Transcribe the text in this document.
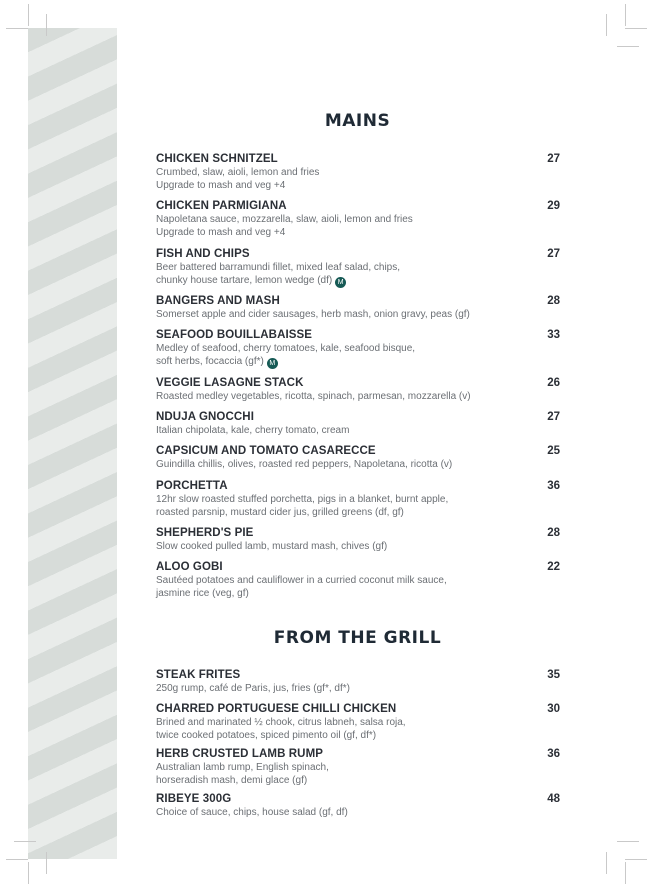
MAINS
CHICKEN SCHNITZEL	27
Crumbed, slaw, aioli, lemon and fries
Upgrade to mash and veg +4
CHICKEN PARMIGIANA	29
Napoletana sauce, mozzarella, slaw, aioli, lemon and fries
Upgrade to mash and veg +4
FISH AND CHIPS	27
Beer battered barramundi fillet, mixed leaf salad, chips,
chunky house tartare, lemon wedge (df) M
BANGERS AND MASH	28
Somerset apple and cider sausages, herb mash, onion gravy, peas (gf)
SEAFOOD BOUILLABAISSE	33
Medley of seafood, cherry tomatoes, kale, seafood bisque,
soft herbs, focaccia (gf*) M
VEGGIE LASAGNE STACK	26
Roasted medley vegetables, ricotta, spinach, parmesan, mozzarella (v)
NDUJA GNOCCHI	27
Italian chipolata, kale, cherry tomato, cream
CAPSICUM AND TOMATO CASARECCE	25
Guindilla chillis, olives, roasted red peppers, Napoletana, ricotta (v)
PORCHETTA	36
12hr slow roasted stuffed porchetta, pigs in a blanket, burnt apple,
roasted parsnip, mustard cider jus, grilled greens (df, gf)
SHEPHERD'S PIE	28
Slow cooked pulled lamb, mustard mash, chives (gf)
ALOO GOBI	22
Sautéed potatoes and cauliflower in a curried coconut milk sauce,
jasmine rice (veg, gf)
FROM THE GRILL
STEAK FRITES	35
250g rump, café de Paris, jus, fries (gf*, df*)
CHARRED PORTUGUESE CHILLI CHICKEN	30
Brined and marinated ½ chook, citrus labneh, salsa roja,
twice cooked potatoes, spiced pimento oil (gf, df*)
HERB CRUSTED LAMB RUMP	36
Australian lamb rump, English spinach,
horseradish mash, demi glace (gf)
RIBEYE 300G	48
Choice of sauce, chips, house salad (gf, df)
